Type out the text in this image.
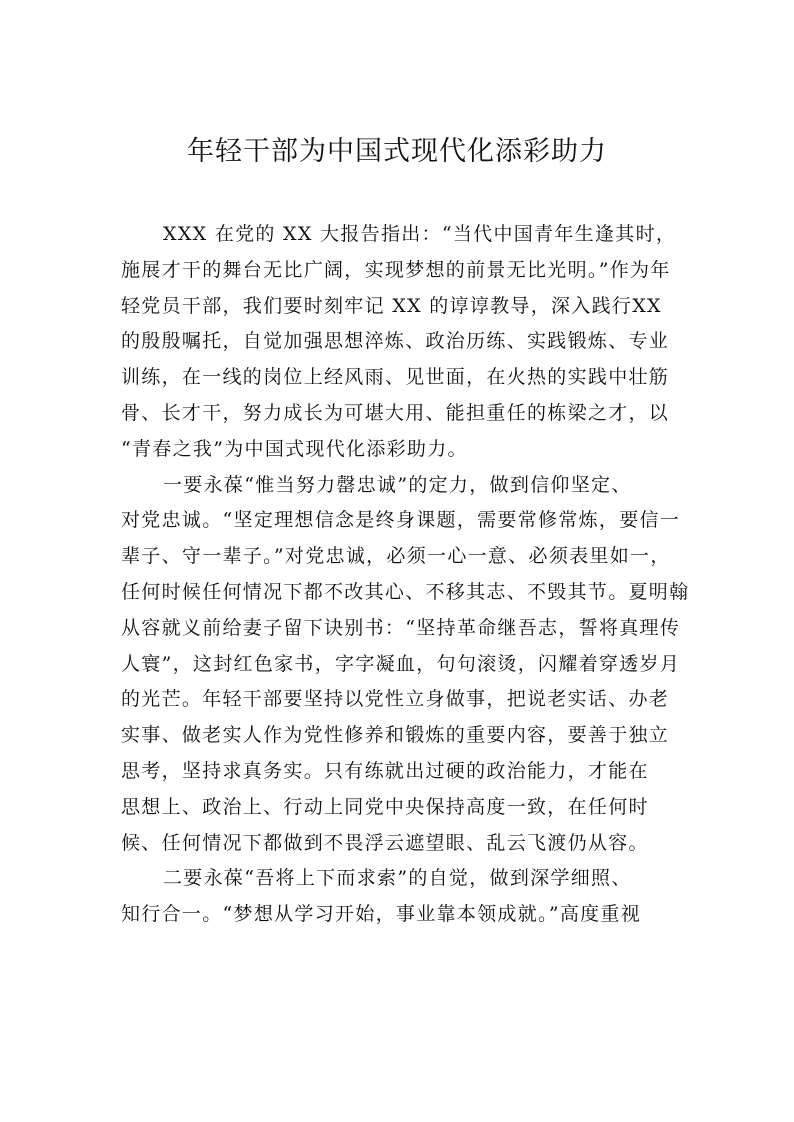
年轻干部为中国式现代化添彩助力
XXX 在党的 XX 大报告指出：“当代中国青年生逢其时，
施展才干的舞台无比广阔，实现梦想的前景无比光明。”作为年
轻党员干部，我们要时刻牢记 XX 的谆谆教导，深入践行XX
的殷殷嘱托，自觉加强思想淬炼、政治历练、实践锻炼、专业
训练，在一线的岗位上经风雨、见世面，在火热的实践中壮筋
骨、长才干，努力成长为可堪大用、能担重任的栋梁之才，以
“青春之我”为中国式现代化添彩助力。
一要永葆“惟当努力罄忠诚”的定力，做到信仰坚定、
对党忠诚。“坚定理想信念是终身课题，需要常修常炼，要信一
辈子、守一辈子。”对党忠诚，必须一心一意、必须表里如一，
任何时候任何情况下都不改其心、不移其志、不毁其节。夏明翰
从容就义前给妻子留下诀别书：“坚持革命继吾志，誓将真理传
人寰”，这封红色家书，字字凝血，句句滚烫，闪耀着穿透岁月
的光芒。年轻干部要坚持以党性立身做事，把说老实话、办老
实事、做老实人作为党性修养和锻炼的重要内容，要善于独立
思考，坚持求真务实。只有练就出过硬的政治能力，才能在
思想上、政治上、行动上同党中央保持高度一致，在任何时
候、任何情况下都做到不畏浮云遮望眼、乱云飞渡仍从容。
二要永葆“吾将上下而求索”的自觉，做到深学细照、
知行合一。“梦想从学习开始，事业靠本领成就。”高度重视
